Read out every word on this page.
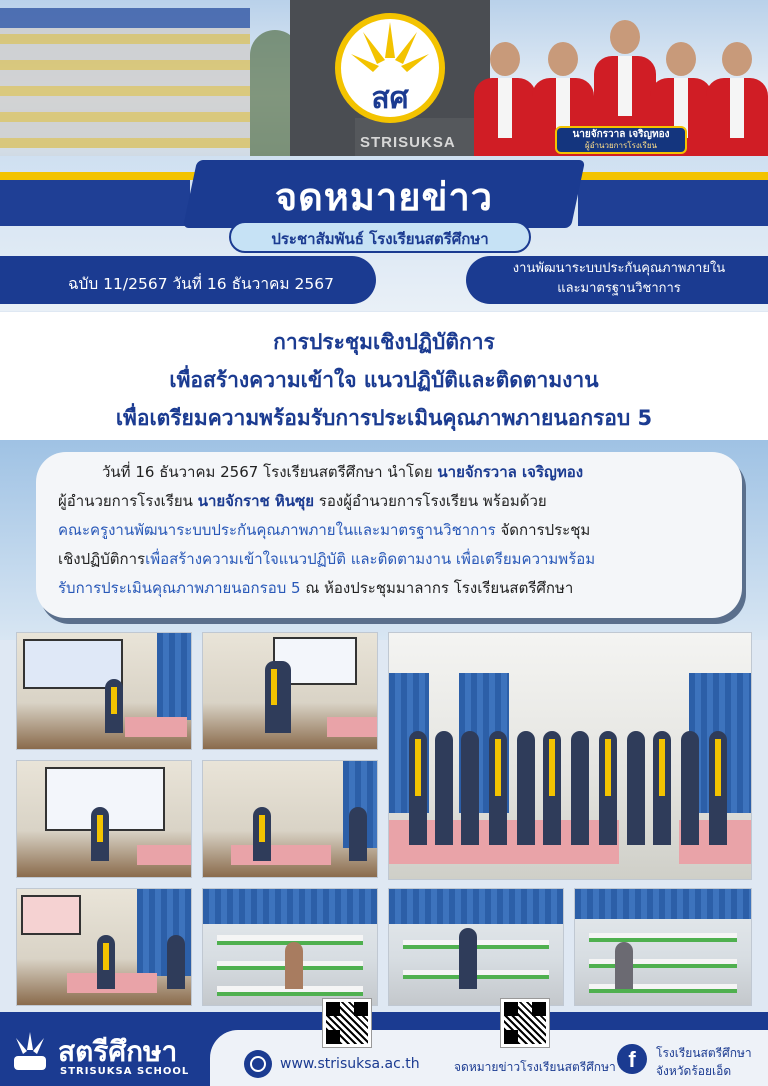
STRISUKSA
สศ
นายจักรวาล เจริญทอง
ผู้อำนวยการโรงเรียน
จดหมายข่าว
ประชาสัมพันธ์ โรงเรียนสตรีศึกษา
ฉบับ 11/2567 วันที่ 16 ธันวาคม 2567
งานพัฒนาระบบประกันคุณภาพภายใน
และมาตรฐานวิชาการ
การประชุมเชิงปฏิบัติการ
เพื่อสร้างความเข้าใจ แนวปฏิบัติและติดตามงาน
เพื่อเตรียมความพร้อมรับการประเมินคุณภาพภายนอกรอบ 5
วันที่ 16 ธันวาคม 2567 โรงเรียนสตรีศึกษา นำโดย นายจักรวาล เจริญทอง
ผู้อำนวยการโรงเรียน นายจักราช หินซุย รองผู้อำนวยการโรงเรียน พร้อมด้วย
คณะครูงานพัฒนาระบบประกันคุณภาพภายในและมาตรฐานวิชาการ จัดการประชุม
เชิงปฏิบัติการเพื่อสร้างความเข้าใจแนวปฏิบัติ และติดตามงาน เพื่อเตรียมความพร้อม
รับการประเมินคุณภาพภายนอกรอบ 5 ณ ห้องประชุมมาลากร โรงเรียนสตรีศึกษา
สตรีศึกษา
STRISUKSA SCHOOL	www.strisuksa.ac.th	จดหมายข่าวโรงเรียนสตรีศึกษา f	โรงเรียนสตรีศึกษา
จังหวัดร้อยเอ็ด
